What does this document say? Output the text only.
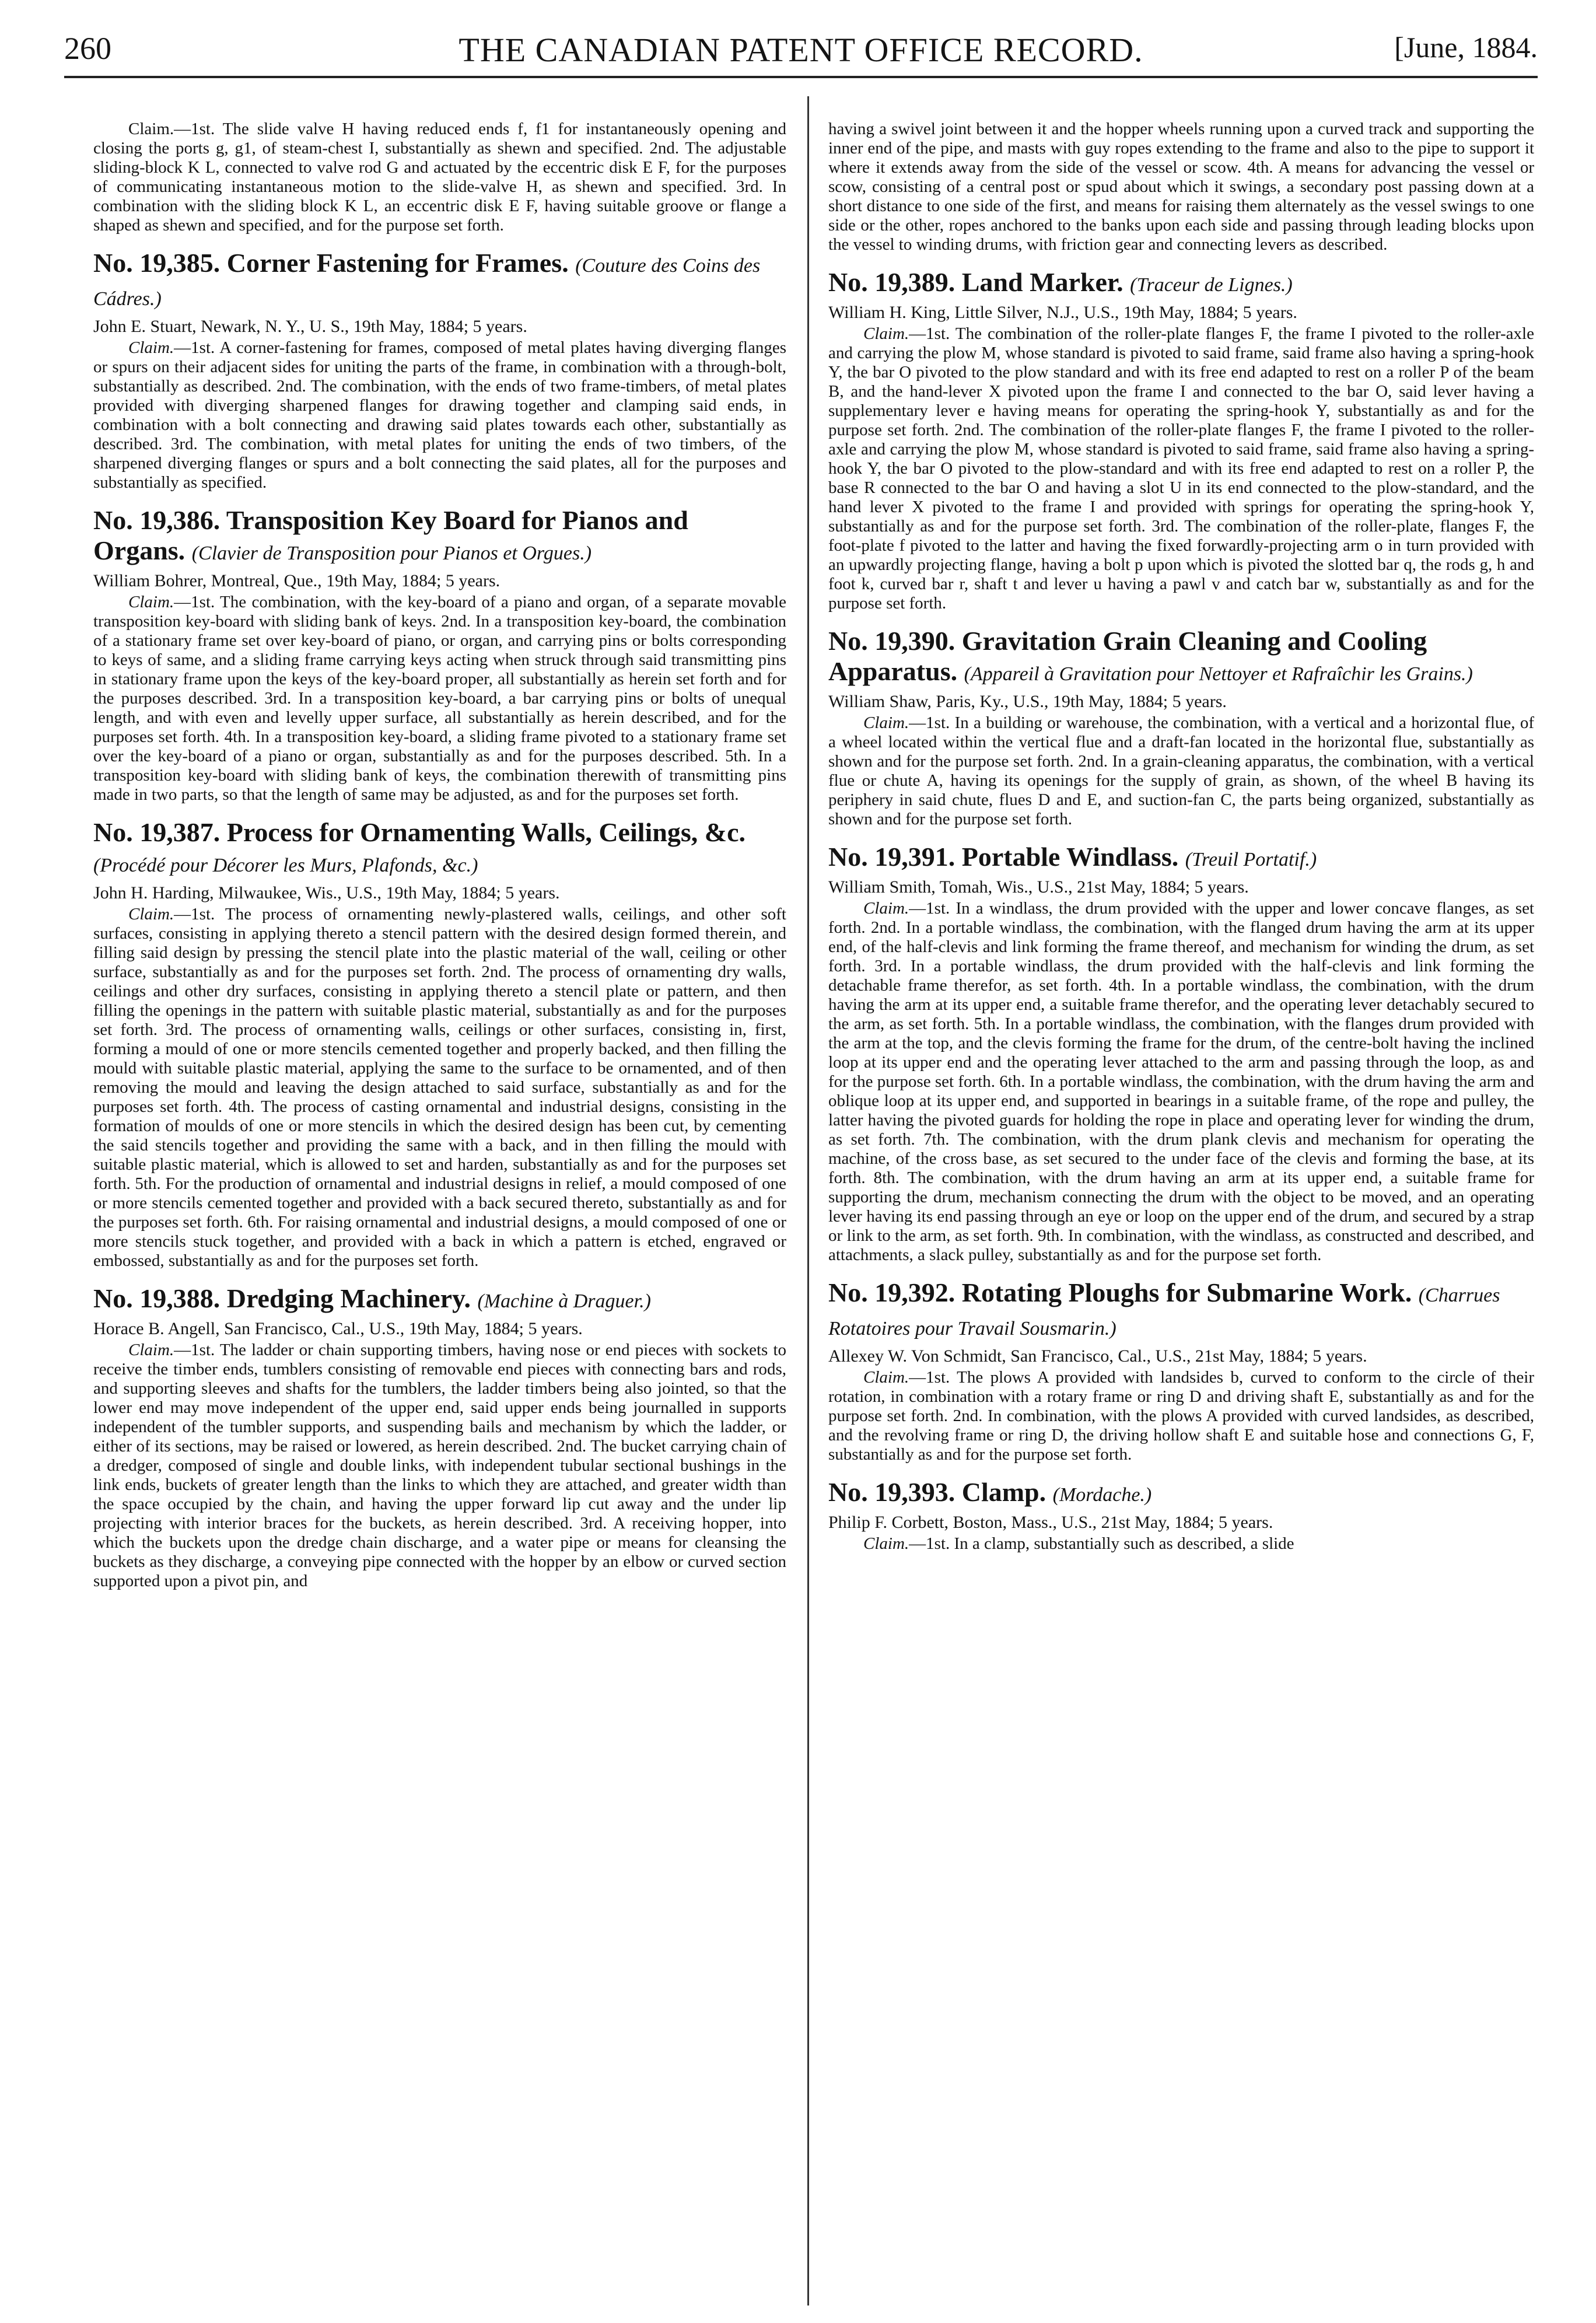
260	THE CANADIAN PATENT OFFICE RECORD.	[June, 1884.

Claim.—1st. The slide valve H having reduced ends f, f1 for instantaneously opening and closing the ports g, g1, of steam-chest I, substantially as shewn and specified. 2nd. The adjustable sliding-block K L, connected to valve rod G and actuated by the eccentric disk E F, for the purposes of communicating instantaneous motion to the slide-valve H, as shewn and specified. 3rd. In combination with the sliding block K L, an eccentric disk E F, having suitable groove or flange a shaped as shewn and specified, and for the purpose set forth.

No. 19,385. Corner Fastening for Frames. (Couture des Coins des Cádres.)

John E. Stuart, Newark, N. Y., U. S., 19th May, 1884; 5 years.

Claim.—1st. A corner-fastening for frames, composed of metal plates having diverging flanges or spurs on their adjacent sides for uniting the parts of the frame, in combination with a through-bolt, substantially as described. 2nd. The combination, with the ends of two frame-timbers, of metal plates provided with diverging sharpened flanges for drawing together and clamping said ends, in combination with a bolt connecting and drawing said plates towards each other, substantially as described. 3rd. The combination, with metal plates for uniting the ends of two timbers, of the sharpened diverging flanges or spurs and a bolt connecting the said plates, all for the purposes and substantially as specified.

No. 19,386. Transposition Key Board for Pianos and Organs. (Clavier de Transposition pour Pianos et Orgues.)

William Bohrer, Montreal, Que., 19th May, 1884; 5 years.

Claim.—1st. The combination, with the key-board of a piano and organ, of a separate movable transposition key-board with sliding bank of keys. 2nd. In a transposition key-board, the combination of a stationary frame set over key-board of piano, or organ, and carrying pins or bolts corresponding to keys of same, and a sliding frame carrying keys acting when struck through said transmitting pins in stationary frame upon the keys of the key-board proper, all substantially as herein set forth and for the purposes described. 3rd. In a transposition key-board, a bar carrying pins or bolts of unequal length, and with even and levelly upper surface, all substantially as herein described, and for the purposes set forth. 4th. In a transposition key-board, a sliding frame pivoted to a stationary frame set over the key-board of a piano or organ, substantially as and for the purposes described. 5th. In a transposition key-board with sliding bank of keys, the combination therewith of transmitting pins made in two parts, so that the length of same may be adjusted, as and for the purposes set forth.

No. 19,387. Process for Ornamenting Walls, Ceilings, &c. (Procédé pour Décorer les Murs, Plafonds, &c.)

John H. Harding, Milwaukee, Wis., U.S., 19th May, 1884; 5 years.

Claim.—1st. The process of ornamenting newly-plastered walls, ceilings, and other soft surfaces, consisting in applying thereto a stencil pattern with the desired design formed therein, and filling said design by pressing the stencil plate into the plastic material of the wall, ceiling or other surface, substantially as and for the purposes set forth. 2nd. The process of ornamenting dry walls, ceilings and other dry surfaces, consisting in applying thereto a stencil plate or pattern, and then filling the openings in the pattern with suitable plastic material, substantially as and for the purposes set forth. 3rd. The process of ornamenting walls, ceilings or other surfaces, consisting in, first, forming a mould of one or more stencils cemented together and properly backed, and then filling the mould with suitable plastic material, applying the same to the surface to be ornamented, and of then removing the mould and leaving the design attached to said surface, substantially as and for the purposes set forth. 4th. The process of casting ornamental and industrial designs, consisting in the formation of moulds of one or more stencils in which the desired design has been cut, by cementing the said stencils together and providing the same with a back, and in then filling the mould with suitable plastic material, which is allowed to set and harden, substantially as and for the purposes set forth. 5th. For the production of ornamental and industrial designs in relief, a mould composed of one or more stencils cemented together and provided with a back secured thereto, substantially as and for the purposes set forth. 6th. For raising ornamental and industrial designs, a mould composed of one or more stencils stuck together, and provided with a back in which a pattern is etched, engraved or embossed, substantially as and for the purposes set forth.

No. 19,388. Dredging Machinery. (Machine à Draguer.)

Horace B. Angell, San Francisco, Cal., U.S., 19th May, 1884; 5 years.

Claim.—1st. The ladder or chain supporting timbers, having nose or end pieces with sockets to receive the timber ends, tumblers consisting of removable end pieces with connecting bars and rods, and supporting sleeves and shafts for the tumblers, the ladder timbers being also jointed, so that the lower end may move independent of the upper end, said upper ends being journalled in supports independent of the tumbler supports, and suspending bails and mechanism by which the ladder, or either of its sections, may be raised or lowered, as herein described. 2nd. The bucket carrying chain of a dredger, composed of single and double links, with independent tubular sectional bushings in the link ends, buckets of greater length than the links to which they are attached, and greater width than the space occupied by the chain, and having the upper forward lip cut away and the under lip projecting with interior braces for the buckets, as herein described. 3rd. A receiving hopper, into which the buckets upon the dredge chain discharge, and a water pipe or means for cleansing the buckets as they discharge, a conveying pipe connected with the hopper by an elbow or curved section supported upon a pivot pin, and

having a swivel joint between it and the hopper wheels running upon a curved track and supporting the inner end of the pipe, and masts with guy ropes extending to the frame and also to the pipe to support it where it extends away from the side of the vessel or scow. 4th. A means for advancing the vessel or scow, consisting of a central post or spud about which it swings, a secondary post passing down at a short distance to one side of the first, and means for raising them alternately as the vessel swings to one side or the other, ropes anchored to the banks upon each side and passing through leading blocks upon the vessel to winding drums, with friction gear and connecting levers as described.

No. 19,389. Land Marker. (Traceur de Lignes.)

William H. King, Little Silver, N.J., U.S., 19th May, 1884; 5 years.

Claim.—1st. The combination of the roller-plate flanges F, the frame I pivoted to the roller-axle and carrying the plow M, whose standard is pivoted to said frame, said frame also having a spring-hook Y, the bar O pivoted to the plow standard and with its free end adapted to rest on a roller P of the beam B, and the hand-lever X pivoted upon the frame I and connected to the bar O, said lever having a supplementary lever e having means for operating the spring-hook Y, substantially as and for the purpose set forth. 2nd. The combination of the roller-plate flanges F, the frame I pivoted to the roller-axle and carrying the plow M, whose standard is pivoted to said frame, said frame also having a spring-hook Y, the bar O pivoted to the plow-standard and with its free end adapted to rest on a roller P, the base R connected to the bar O and having a slot U in its end connected to the plow-standard, and the hand lever X pivoted to the frame I and provided with springs for operating the spring-hook Y, substantially as and for the purpose set forth. 3rd. The combination of the roller-plate, flanges F, the foot-plate f pivoted to the latter and having the fixed forwardly-projecting arm o in turn provided with an upwardly projecting flange, having a bolt p upon which is pivoted the slotted bar q, the rods g, h and foot k, curved bar r, shaft t and lever u having a pawl v and catch bar w, substantially as and for the purpose set forth.

No. 19,390. Gravitation Grain Cleaning and Cooling Apparatus. (Appareil à Gravitation pour Nettoyer et Rafraîchir les Grains.)

William Shaw, Paris, Ky., U.S., 19th May, 1884; 5 years.

Claim.—1st. In a building or warehouse, the combination, with a vertical and a horizontal flue, of a wheel located within the vertical flue and a draft-fan located in the horizontal flue, substantially as shown and for the purpose set forth. 2nd. In a grain-cleaning apparatus, the combination, with a vertical flue or chute A, having its openings for the supply of grain, as shown, of the wheel B having its periphery in said chute, flues D and E, and suction-fan C, the parts being organized, substantially as shown and for the purpose set forth.

No. 19,391. Portable Windlass. (Treuil Portatif.)

William Smith, Tomah, Wis., U.S., 21st May, 1884; 5 years.

Claim.—1st. In a windlass, the drum provided with the upper and lower concave flanges, as set forth. 2nd. In a portable windlass, the combination, with the flanged drum having the arm at its upper end, of the half-clevis and link forming the frame thereof, and mechanism for winding the drum, as set forth. 3rd. In a portable windlass, the drum provided with the half-clevis and link forming the detachable frame therefor, as set forth. 4th. In a portable windlass, the combination, with the drum having the arm at its upper end, a suitable frame therefor, and the operating lever detachably secured to the arm, as set forth. 5th. In a portable windlass, the combination, with the flanges drum provided with the arm at the top, and the clevis forming the frame for the drum, of the centre-bolt having the inclined loop at its upper end and the operating lever attached to the arm and passing through the loop, as and for the purpose set forth. 6th. In a portable windlass, the combination, with the drum having the arm and oblique loop at its upper end, and supported in bearings in a suitable frame, of the rope and pulley, the latter having the pivoted guards for holding the rope in place and operating lever for winding the drum, as set forth. 7th. The combination, with the drum plank clevis and mechanism for operating the machine, of the cross base, as set secured to the under face of the clevis and forming the base, at its forth. 8th. The combination, with the drum having an arm at its upper end, a suitable frame for supporting the drum, mechanism connecting the drum with the object to be moved, and an operating lever having its end passing through an eye or loop on the upper end of the drum, and secured by a strap or link to the arm, as set forth. 9th. In combination, with the windlass, as constructed and described, and attachments, a slack pulley, substantially as and for the purpose set forth.

No. 19,392. Rotating Ploughs for Submarine Work. (Charrues Rotatoires pour Travail Sousmarin.)

Allexey W. Von Schmidt, San Francisco, Cal., U.S., 21st May, 1884; 5 years.

Claim.—1st. The plows A provided with landsides b, curved to conform to the circle of their rotation, in combination with a rotary frame or ring D and driving shaft E, substantially as and for the purpose set forth. 2nd. In combination, with the plows A provided with curved landsides, as described, and the revolving frame or ring D, the driving hollow shaft E and suitable hose and connections G, F, substantially as and for the purpose set forth.

No. 19,393. Clamp. (Mordache.)

Philip F. Corbett, Boston, Mass., U.S., 21st May, 1884; 5 years.

Claim.—1st. In a clamp, substantially such as described, a slide
